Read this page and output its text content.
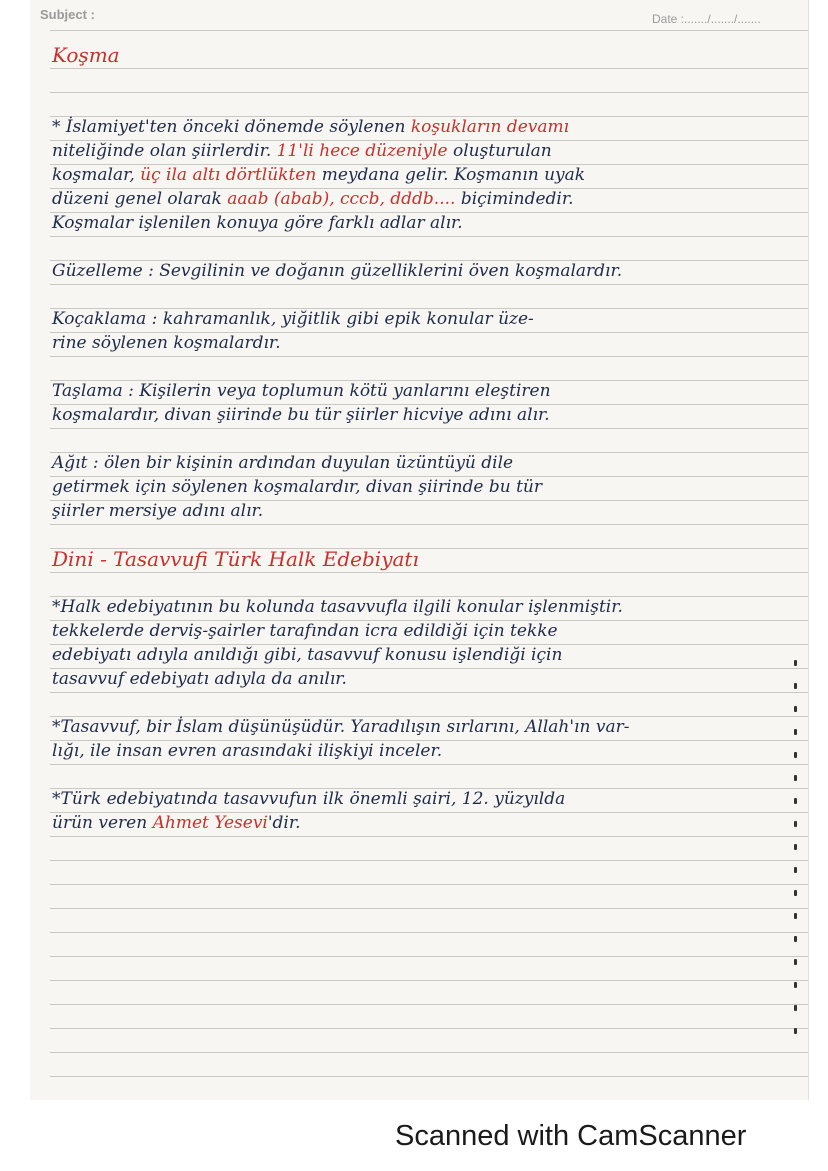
Subject :	Date :......./......./.......
Koşma
* İslamiyet'ten önceki dönemde söylenen koşukların devamı
niteliğinde olan şiirlerdir. 11'li hece düzeniyle oluşturulan
koşmalar, üç ila altı dörtlükten meydana gelir. Koşmanın uyak
düzeni genel olarak aaab (abab), cccb, dddb.... biçimindedir.
Koşmalar işlenilen konuya göre farklı adlar alır.
Güzelleme : Sevgilinin ve doğanın güzelliklerini öven koşmalardır.
Koçaklama : kahramanlık, yiğitlik gibi epik konular üze-
rine söylenen koşmalardır.
Taşlama : Kişilerin veya toplumun kötü yanlarını eleştiren
koşmalardır, divan şiirinde bu tür şiirler hicviye adını alır.
Ağıt : ölen bir kişinin ardından duyulan üzüntüyü dile
getirmek için söylenen koşmalardır, divan şiirinde bu tür
şiirler mersiye adını alır.
Dini - Tasavvufi Türk Halk Edebiyatı
*Halk edebiyatının bu kolunda tasavvufla ilgili konular işlenmiştir.
tekkelerde derviş-şairler tarafından icra edildiği için tekke
edebiyatı adıyla anıldığı gibi, tasavvuf konusu işlendiği için
tasavvuf edebiyatı adıyla da anılır.
*Tasavvuf, bir İslam düşünüşüdür. Yaradılışın sırlarını, Allah'ın var-
lığı, ile insan evren arasındaki ilişkiyi inceler.
*Türk edebiyatında tasavvufun ilk önemli şairi, 12. yüzyılda
ürün veren Ahmet Yesevi'dir.
Scanned with CamScanner
